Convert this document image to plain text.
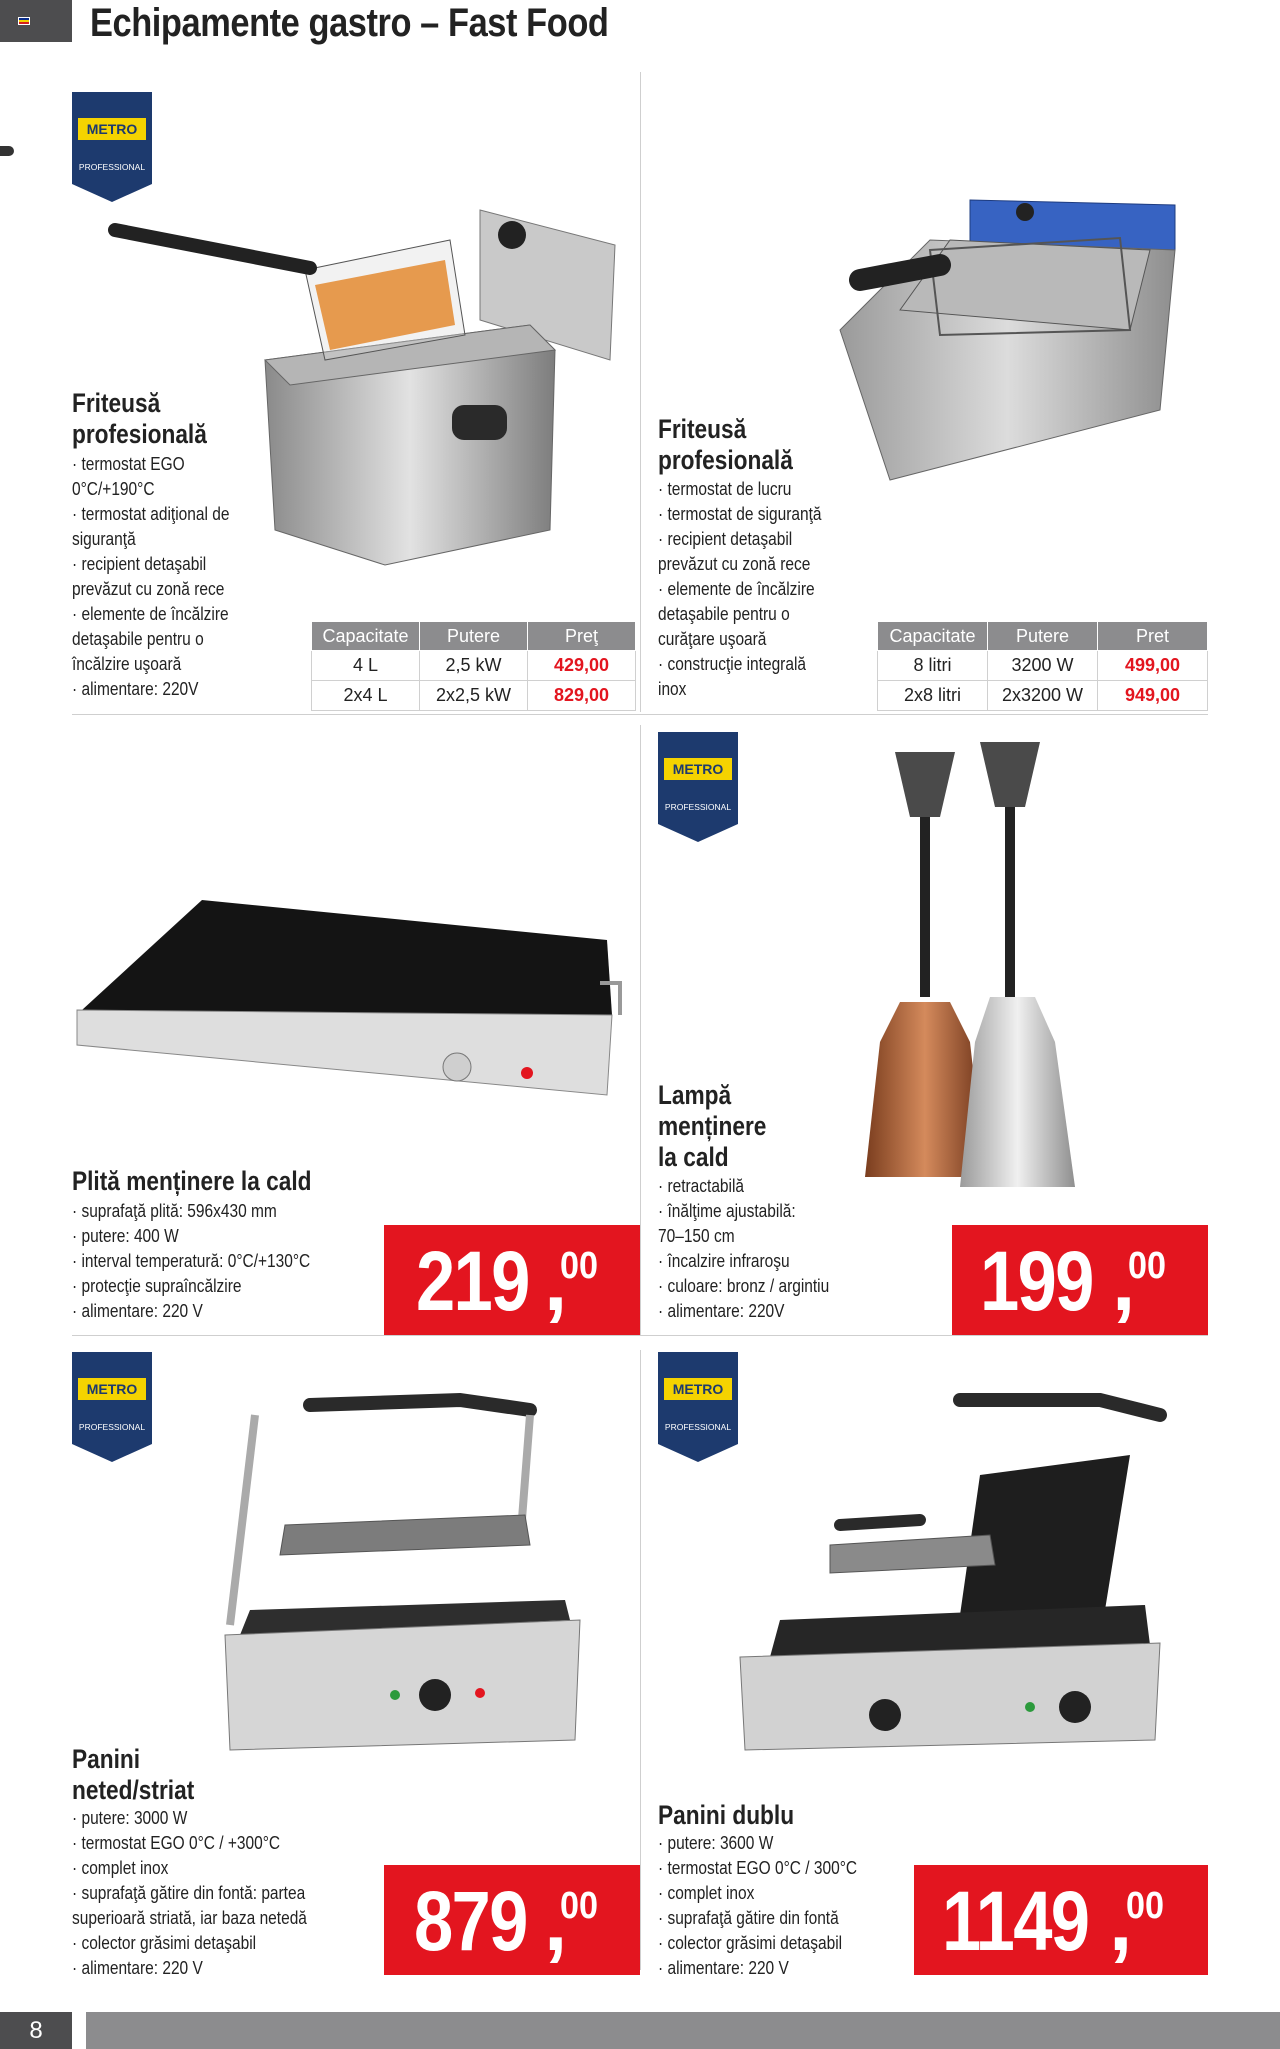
Echipamente gastro – Fast Food
METRO
PROFESSIONAL
METRO
PROFESSIONAL
METRO
PROFESSIONAL
METRO
PROFESSIONAL
Friteusă
profesională
· termostat EGO
0°C/+190°C
· termostat adiţional de
siguranţă
· recipient detaşabil
prevăzut cu zonă rece
· elemente de încălzire
detaşabile pentru o
încălzire uşoară
· alimentare: 220V
Capacitate	Putere	Preţ
4 L	2,5 kW	429,00
2x4 L	2x2,5 kW	829,00
Friteusă
profesională
· termostat de lucru
· termostat de siguranţă
· recipient detaşabil
prevăzut cu zonă rece
· elemente de încălzire
detaşabile pentru o
curăţare uşoară
· construcţie integrală
inox
Capacitate	Putere	Pret
8 litri	3200 W	499,00
2x8 litri	2x3200 W	949,00
Plită menținere la cald
· suprafaţă plită: 596x430 mm
· putere: 400 W
· interval temperatură: 0°C/+130°C
· protecţie supraîncălzire
· alimentare: 220 V	219 ,
00
Lampă
menținere
la cald
· retractabilă
· înălţime ajustabilă:
70–150 cm
· încalzire infraroşu
· culoare: bronz / argintiu
· alimentare: 220V	199 ,
00
Panini
neted/striat
· putere: 3000 W
· termostat EGO 0°C / +300°C
· complet inox
· suprafaţă gătire din fontă: partea
superioară striată, iar baza netedă
· colector grăsimi detaşabil
· alimentare: 220 V	879 ,
00
Panini dublu
· putere: 3600 W
· termostat EGO 0°C / 300°C
· complet inox
· suprafaţă gătire din fontă
· colector grăsimi detaşabil
· alimentare: 220 V	1149 ,
00
8
